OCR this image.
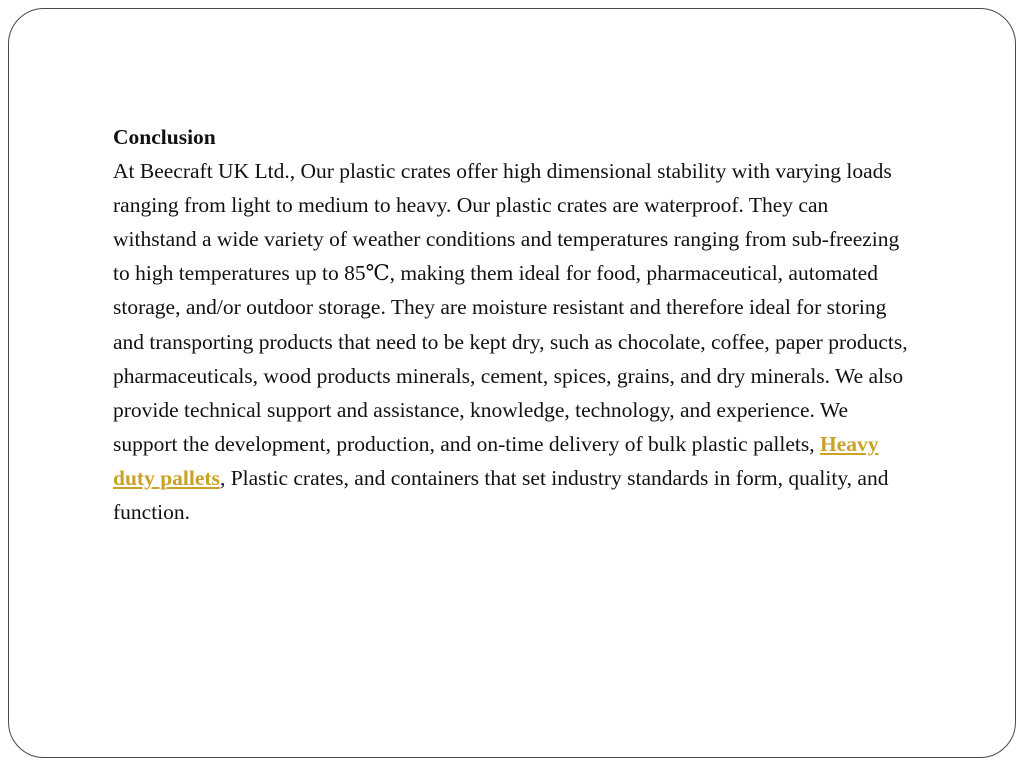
Conclusion
At Beecraft UK Ltd., Our plastic crates offer high dimensional stability with varying loads ranging from light to medium to heavy. Our plastic crates are waterproof. They can withstand a wide variety of weather conditions and temperatures ranging from sub-freezing to high temperatures up to 85℃, making them ideal for food, pharmaceutical, automated storage, and/or outdoor storage. They are moisture resistant and therefore ideal for storing and transporting products that need to be kept dry, such as chocolate, coffee, paper products, pharmaceuticals, wood products minerals, cement, spices, grains, and dry minerals. We also provide technical support and assistance, knowledge, technology, and experience. We support the development, production, and on-time delivery of bulk plastic pallets, Heavy duty pallets, Plastic crates, and containers that set industry standards in form, quality, and function.
